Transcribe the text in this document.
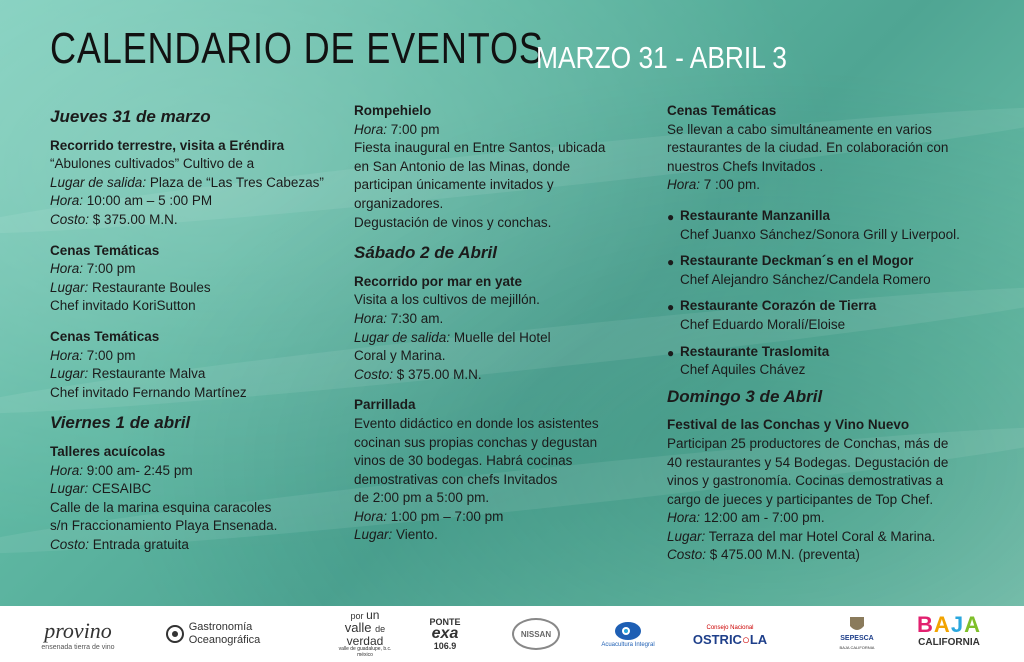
CALENDARIO DE EVENTOS
MARZO 31 - ABRIL 3
Jueves 31 de marzo
Recorrido terrestre, visita a Eréndira
“Abulones cultivados” Cultivo de a
Lugar de salida: Plaza de “Las Tres Cabezas”
Hora: 10:00 am – 5 :00 PM
Costo: $ 375.00 M.N.
Cenas Temáticas
Hora: 7:00 pm
Lugar: Restaurante Boules
Chef invitado KoriSutton
Cenas Temáticas
Hora: 7:00 pm
Lugar: Restaurante Malva
Chef invitado Fernando Martínez
Viernes 1 de abril
Talleres acuícolas
Hora: 9:00 am- 2:45 pm
Lugar: CESAIBC
Calle de la marina esquina caracoles
s/n Fraccionamiento Playa Ensenada.
Costo: Entrada gratuita
Rompehielo
Hora: 7:00 pm
Fiesta inaugural en Entre Santos, ubicada
en San Antonio de las Minas, donde
participan únicamente invitados y
organizadores.
Degustación de vinos y conchas.
Sábado 2 de Abril
Recorrido por mar en yate
Visita a los cultivos de mejillón.
Hora: 7:30 am.
Lugar de salida: Muelle del Hotel
Coral y Marina.
Costo: $ 375.00 M.N.
Parrillada
Evento didáctico en donde los asistentes
cocinan sus propias conchas y degustan
vinos de 30 bodegas. Habrá cocinas
demostrativas con chefs Invitados
de 2:00 pm a 5:00 pm.
Hora: 1:00 pm – 7:00 pm
Lugar: Viento.
Cenas Temáticas
Se llevan a cabo simultáneamente en varios
restaurantes de la ciudad. En colaboración con
nuestros Chefs Invitados .
Hora: 7 :00 pm.
● Restaurante Manzanilla
Chef Juanxo Sánchez/Sonora Grill y Liverpool.
● Restaurante Deckman´s en el Mogor
Chef Alejandro Sánchez/Candela Romero
● Restaurante Corazón de Tierra
Chef Eduardo Moralí/Eloise
● Restaurante Traslomita
Chef Aquiles Chávez
Domingo 3 de Abril
Festival de las Conchas y Vino Nuevo
Participan 25 productores de Conchas, más de
40 restaurantes y 54 Bodegas. Degustación de
vinos y gastronomía. Cocinas demostrativas a
cargo de jueces y participantes de Top Chef.
Hora: 12:00 am - 7:00 pm.
Lugar: Terraza del mar Hotel Coral & Marina.
Costo: $ 475.00 M.N. (preventa)
provino
ensenada tierra de vino
Gastronomía
Oceanográfica
por un
valle de
verdad
valle de guadalupe, b.c. méxico
PONTE
exa
106.9
NISSAN
Acuacultura Integral
Consejo Nacional
OSTRIC○LA	SEPESCA
BAJA CALIFORNIA
BAJA
CALIFORNIA
